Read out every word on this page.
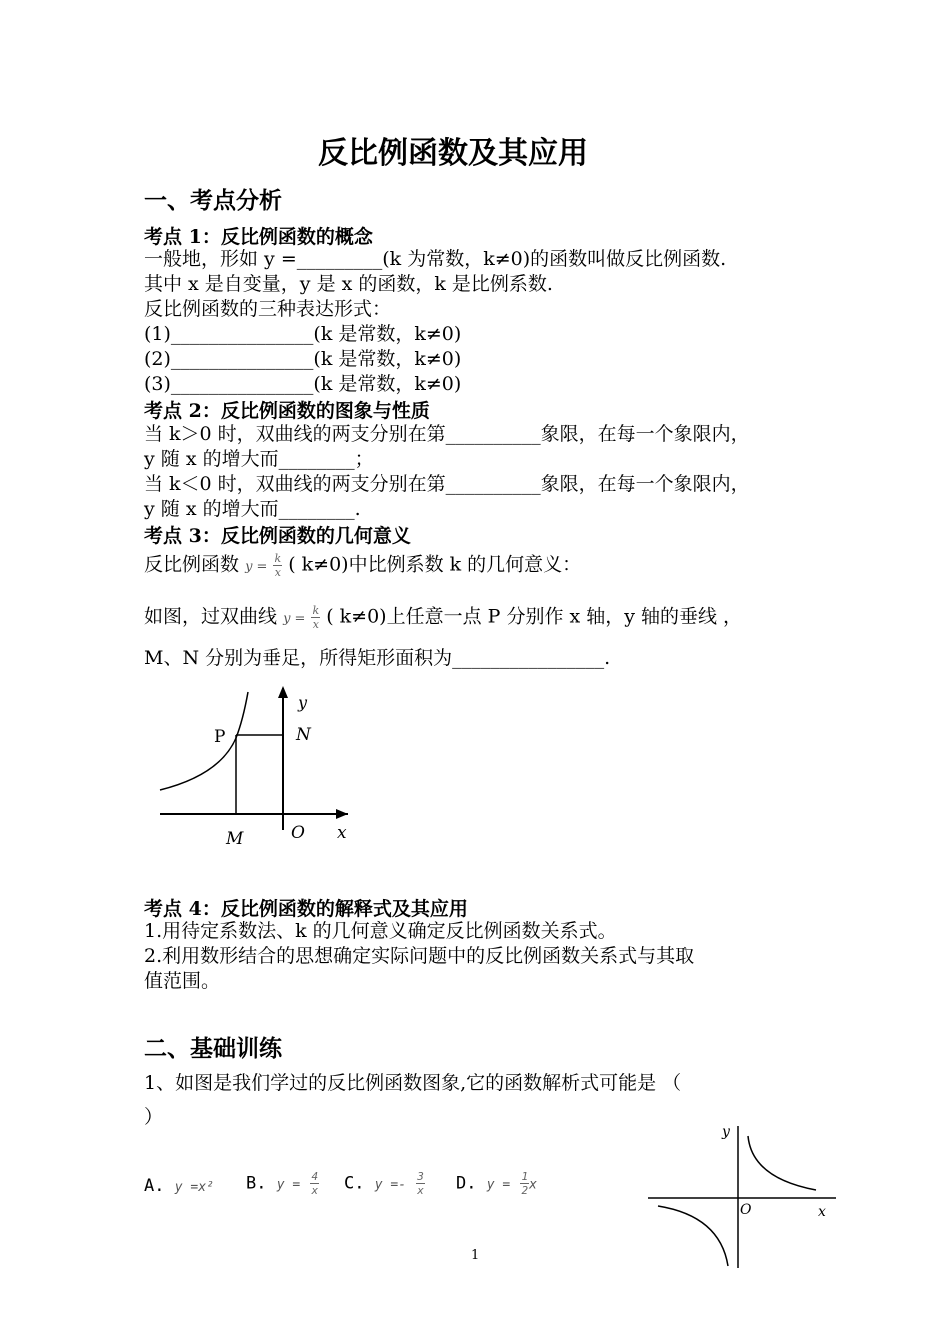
反比例函数及其应用
一、考点分析
考点 1：反比例函数的概念
一般地，形如 y =_________(k 为常数，k≠0)的函数叫做反比例函数.
其中 x 是自变量，y 是 x 的函数，k 是比例系数.
反比例函数的三种表达形式：
(1)_______________(k 是常数，k≠0)
(2)_______________(k 是常数，k≠0)
(3)_______________(k 是常数，k≠0)
考点 2：反比例函数的图象与性质
当 k＞0 时，双曲线的两支分别在第__________象限，在每一个象限内，
y 随 x 的增大而________；
当 k＜0 时，双曲线的两支分别在第__________象限，在每一个象限内，
y 随 x 的增大而________.
考点 3：反比例函数的几何意义
反比例函数 $y = \frac{k}{x}$ ( k≠0)中比例系数 k 的几何意义：
如图，过双曲线 $y = \frac{k}{x}$ ( k≠0)上任意一点 P 分别作 x 轴，y 轴的垂线 ，
M、N 分别为垂足，所得矩形面积为________________.
P	N
y
M	O x
考点 4：反比例函数的解释式及其应用
1.用待定系数法、k 的几何意义确定反比例函数关系式。
2.利用数形结合的思想确定实际问题中的反比例函数关系式与其取
值范围。
二、基础训练
1、如图是我们学过的反比例函数图象,它的函数解析式可能是 （
）
A. y =x² B. $y = \frac{4}{x} C$. $y =- \frac{3}{x} D$. $y = \frac{1}{2}$ x
y
O	x
1
